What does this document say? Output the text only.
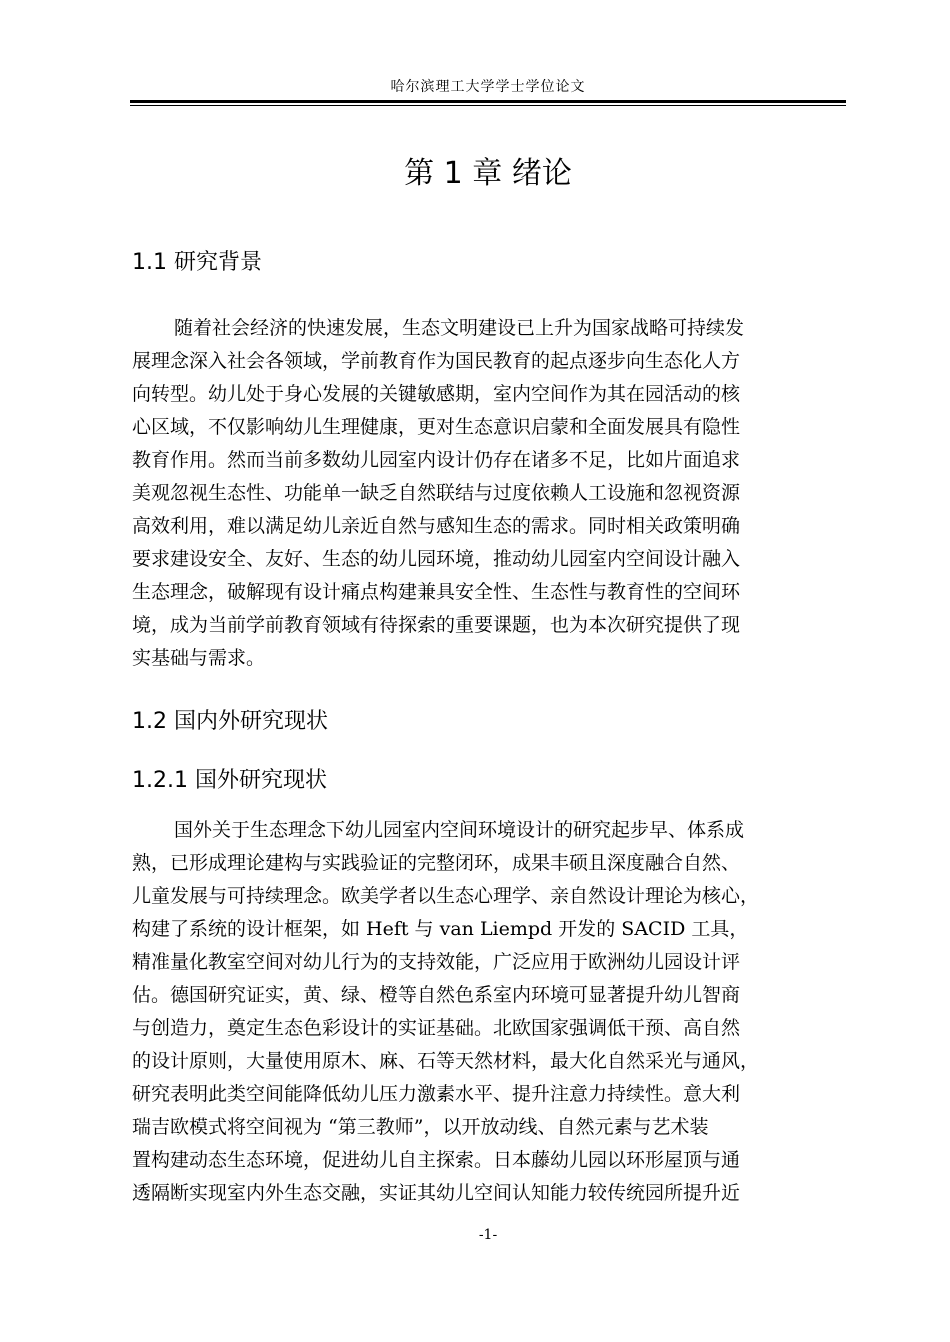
哈尔滨理工大学学士学位论文
第 1 章 绪论
1.1 研究背景
随着社会经济的快速发展，生态文明建设已上升为国家战略可持续发
展理念深入社会各领域，学前教育作为国民教育的起点逐步向生态化人方
向转型。幼儿处于身心发展的关键敏感期，室内空间作为其在园活动的核
心区域，不仅影响幼儿生理健康，更对生态意识启蒙和全面发展具有隐性
教育作用。然而当前多数幼儿园室内设计仍存在诸多不足，比如片面追求
美观忽视生态性、功能单一缺乏自然联结与过度依赖人工设施和忽视资源
高效利用，难以满足幼儿亲近自然与感知生态的需求。同时相关政策明确
要求建设安全、友好、生态的幼儿园环境，推动幼儿园室内空间设计融入
生态理念，破解现有设计痛点构建兼具安全性、生态性与教育性的空间环
境，成为当前学前教育领域有待探索的重要课题，也为本次研究提供了现
实基础与需求。
1.2 国内外研究现状
1.2.1 国外研究现状
国外关于生态理念下幼儿园室内空间环境设计的研究起步早、体系成
熟，已形成理论建构与实践验证的完整闭环，成果丰硕且深度融合自然、
儿童发展与可持续理念。欧美学者以生态心理学、亲自然设计理论为核心，
构建了系统的设计框架，如 Heft 与 van Liempd 开发的 SACID 工具，
精准量化教室空间对幼儿行为的支持效能，广泛应用于欧洲幼儿园设计评
估。德国研究证实，黄、绿、橙等自然色系室内环境可显著提升幼儿智商
与创造力，奠定生态色彩设计的实证基础。北欧国家强调低干预、高自然
的设计原则，大量使用原木、麻、石等天然材料，最大化自然采光与通风，
研究表明此类空间能降低幼儿压力激素水平、提升注意力持续性。意大利
瑞吉欧模式将空间视为 “第三教师”，以开放动线、自然元素与艺术装
置构建动态生态环境，促进幼儿自主探索。日本藤幼儿园以环形屋顶与通
透隔断实现室内外生态交融，实证其幼儿空间认知能力较传统园所提升近
-1-
